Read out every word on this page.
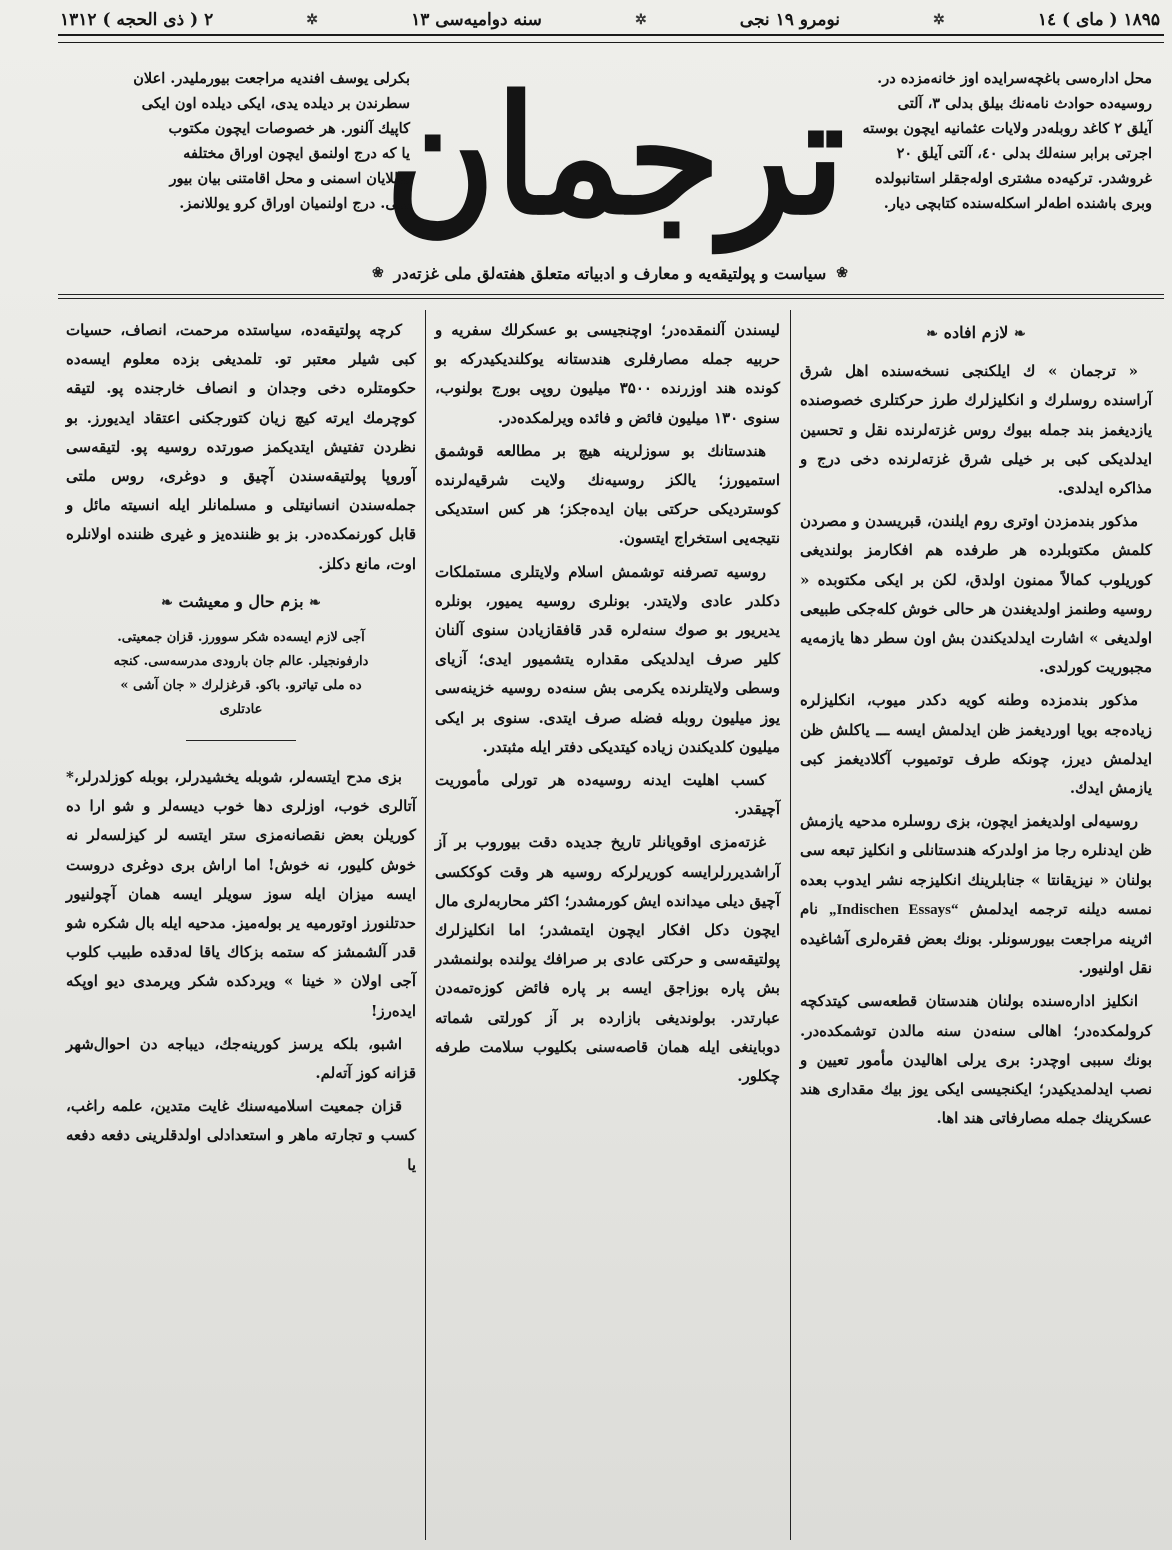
۱۸۹۵ ( مای ) ۱٤
✲
نومرو ۱۹ نجی
✲
سنه دوامیه‌سی ۱۳
✲
۲ ( ذی الحجه ) ۱۳۱۲
محل اداره‌سی باغچه‌سرایده اوز خانه‌مزده در.
روسیه‌ده حوادث نامه‌نك بیلق بدلی ۳، آلتی
آیلق ۲ کاغد روبله‌در ولایات عثمانیه ایچون بوسته
اجرتی برابر سنه‌لك بدلی ٤۰، آلتی آیلق ۲۰
غروشدر. ترکیه‌ده مشتری اوله‌جقلر استانبولده
وبری باشنده اطه‌لر اسکله‌سنده کتابچی دیار.
ترجمان
بکرلی یوسف افندیه مراجعت بیورملیدر. اعلان
سطرندن بر دیلده یدی، ایکی دیلده اون ایکی
کاپیك آلنور. هر خصوصات ایچون مکتوب
یا که درج اولنمق ایچون اوراق مختلفه
یوللایان اسمنی و محل اقامتنی بیان بیور
ملی. درج اولنمیان اوراق کرو یوللانمز.
❀
سیاست و پولتیقه‌یه و معارف و ادبیاته متعلق هفته‌لق ملی غزته‌در
❀
❧ لازم افاده ❧

« ترجمان » ك ایلکنجی نسخه‌سنده اهل شرق آراسنده روسلرك و انکلیزلرك طرز حرکتلری خصوصنده یازدیغمز بند جمله بیوك روس غزته‌لرنده نقل و تحسین ایدلدیکی کبی بر خیلی شرق غزته‌لرنده دخی درج و مذاکره ایدلدی.

مذکور بندمزدن اوتری روم ایلندن، قبریسدن و مصردن کلمش مکتوبلرده هر طرفده هم افکارمز بولندیغی کوریلوب کمالاً ممنون اولدق، لکن بر ایکی مکتوبده « روسیه وطنمز اولدیغندن هر حالی خوش کله‌جکی طبیعی اولدیغی » اشارت ایدلدیکندن بش اون سطر دها یازمه‌یه مجبوریت کورلدی.

مذکور بندمزده وطنه کویه دکدر میوب، انکلیزلره زیاده‌جه بویا اوردیغمز ظن ایدلمش ایسه ـــ یاکلش ظن ایدلمش دیرز، چونکه طرف توتمیوب آکلادیغمز کبی یازمش ایدك.

روسیه‌لی اولدیغمز ایچون، بزی روسلره مدحیه یازمش ظن ایدنلره رجا مز اولدرکه هندستانلی و انکلیز تبعه سی بولنان « نیزیقانتا » جنابلرینك انکلیزجه نشر ایدوب بعده نمسه دیلنه ترجمه ایدلمش „Indischen Essays“ نام اثرینه مراجعت بیورسونلر. بونك بعض فقره‌لری آشاغیده نقل اولنیور.

انکلیز اداره‌سنده بولنان هندستان قطعه‌سی کیتدکچه کرولمکده‌در؛ اهالی سنه‌دن سنه مالدن توشمکده‌در. بونك سببی اوچدر: بری یرلی اهالیدن مأمور تعیین و نصب ایدلمدیکیدر؛ ایکنجیسی ایکی یوز بیك مقداری هند عسکرینك جمله مصارفاتی هند اها.

لیسندن آلنمقده‌در؛ اوچنجیسی بو عسکرلك سفریه و حربیه جمله مصارفلری هندستانه یوکلندیکیدرکه بو کونده هند اوزرنده ۳۵۰۰ میلیون روپی بورج بولنوب، سنوی ۱۳۰ میلیون فائض و فائده ویرلمکده‌در.

هندستانك بو سوزلرینه هیچ بر مطالعه قوشمق استمیورز؛ یالکز روسیه‌نك ولایت شرقیه‌لرنده کوستردیکی حرکتی بیان ایده‌جکز؛ هر کس استدیکی نتیجه‌یی استخراج ایتسون.

روسیه تصرفنه توشمش اسلام ولایتلری مستملکات دکلدر عادی ولایتدر. بونلری روسیه یمیور، بونلره یدیریور بو صوك سنه‌لره قدر قافقازیادن سنوی آلنان کلیر صرف ایدلدیکی مقدارە یتشمیور ایدی؛ آزیای وسطی ولایتلرنده یکرمی بش سنه‌ده روسیه خزینه‌سی یوز میلیون روبله فضله صرف ایتدی. سنوی بر ایکی میلیون کلدیکندن زیاده کیتدیکی دفتر ایله مثبتدر.

کسب اهلیت ایدنه روسیه‌ده هر تورلی مأموریت آچیقدر.

غزته‌مزی اوقویانلر تاریخ جدیده دقت بیوروب بر آز آراشدیررلرایسه کوریرلرکه روسیه هر وقت کوککسی آچیق دیلی میدانده ایش کورمشدر؛ اکثر محاربه‌لری مال ایچون دکل افکار ایچون ایتمشدر؛ اما انکلیزلرك پولتیقه‌سی و حرکتی عادی بر صرافك یولنده بولنمشدر بش پاره بوزاجق ایسه بر پاره فائض کوزه‌تمه‌دن عبارتدر. بولوندیغی بازارده بر آز کورلتی شماته دوباینغی ایله همان قاصه‌سنی بکلیوب سلامت طرفه چکلور.

کرچه پولتیقه‌ده، سیاستده مرحمت، انصاف، حسیات کبی شیلر معتبر تو. تلمدیغی بزده معلوم ایسه‌ده حکومتلره دخی وجدان و انصاف خارجنده پو. لتیقه کوچرمك ایرته کیچ زیان کتورجکنی اعتقاد ایدیورز. بو نظردن تفتیش ایتدیکمز صورتده روسیه پو. لتیقه‌سی آوروپا پولتیقه‌سندن آچیق و دوغری، روس ملتی جمله‌سندن انسانیتلی و مسلمانلر ایله انسیته مائل و قابل کورنمکده‌در. بز بو ظننده‌یز و غیری ظننده اولانلره اوت، مانع دکلز.

❧ بزم حال و معیشت ❧
آجی لازم ایسه‌ده شکر سوورز. قزان جمعیتی.
دارفونجیلر. عالم جان بارودی مدرسه‌سی. کنجه
ده ملی تیاترو. باکو. قرغزلرك « جان آشی »
عادتلری

بزی مدح ایتسه‌لر، شوبله یخشیدرلر، بوبله کوزلدرلر،* آتالری خوب، اوزلری دها خوب دیسه‌لر و شو ارا ده کوریلن بعض نقصانه‌مزی ستر ایتسه لر کیزلسه‌لر نه خوش کلیور، نه خوش! اما اراش بری دوغری دروست ایسه میزان ایله سوز سویلر ایسه همان آچولنیور حدتلنورز اوتورمیه یر بوله‌میز. مدحیه ایله بال شکره شو قدر آلشمشز که ستمه بزکاك یاقا لەدقده طبیب کلوب آجی اولان « خینا » ویردکده شکر ویرمدی دیو اوپکه ایده‌رز!

اشبو، بلکه یرسز کورینه‌جك، دیباجه دن احوال‌شهر قزانه کوز آته‌لم.

قزان جمعیت اسلامیه‌سنك غایت متدین، علمه راغب، کسب و تجارته ماهر و استعدادلی اولدقلرینی دفعه دفعه یا
